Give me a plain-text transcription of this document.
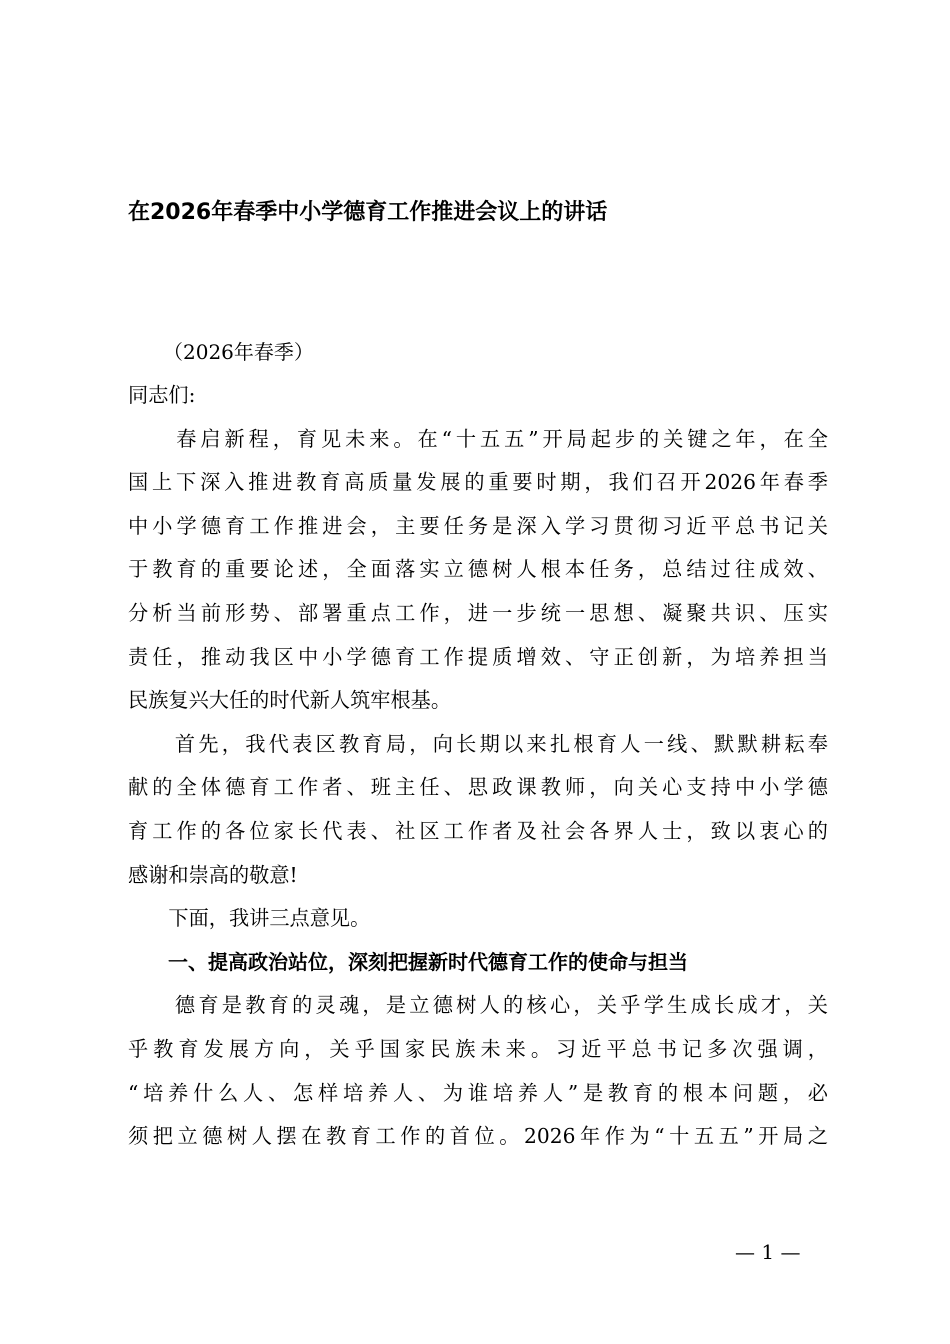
在2026年春季中小学德育工作推进会议上的讲话
（2026年春季）
同志们:
　　春启新程，育见未来。在“十五五”开局起步的关键之年，在全
国上下深入推进教育高质量发展的重要时期，我们召开2026年春季
中小学德育工作推进会，主要任务是深入学习贯彻习近平总书记关
于教育的重要论述，全面落实立德树人根本任务，总结过往成效、
分析当前形势、部署重点工作，进一步统一思想、凝聚共识、压实
责任，推动我区中小学德育工作提质增效、守正创新，为培养担当
民族复兴大任的时代新人筑牢根基。
　　首先，我代表区教育局，向长期以来扎根育人一线、默默耕耘奉
献的全体德育工作者、班主任、思政课教师，向关心支持中小学德
育工作的各位家长代表、社区工作者及社会各界人士，致以衷心的
感谢和崇高的敬意!
　　下面，我讲三点意见。
　　一、提高政治站位，深刻把握新时代德育工作的使命与担当
　　德育是教育的灵魂，是立德树人的核心，关乎学生成长成才，关
乎教育发展方向，关乎国家民族未来。习近平总书记多次强调，
“培养什么人、怎样培养人、为谁培养人”是教育的根本问题，必
须把立德树人摆在教育工作的首位。2026年作为“十五五”开局之
— 1 —
